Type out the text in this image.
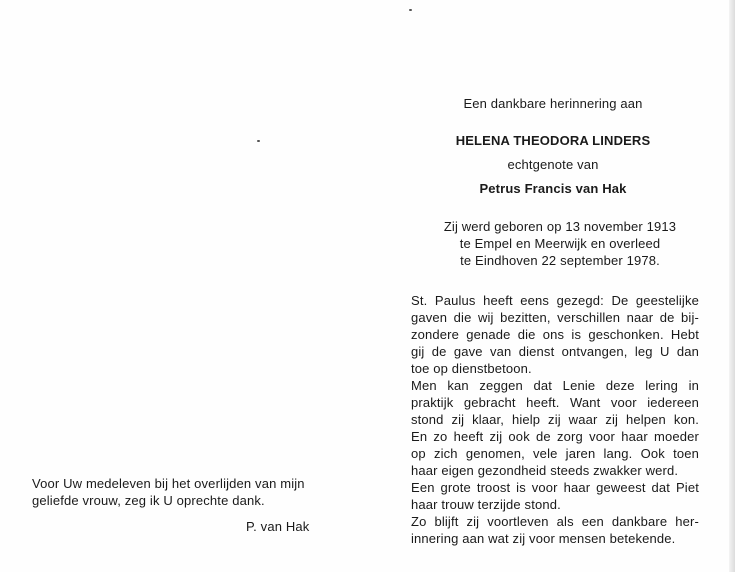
Een dankbare herinnering aan
HELENA THEODORA LINDERS
echtgenote van
Petrus Francis van Hak
Zij werd geboren op 13 november 1913
te Empel en Meerwijk en overleed
te Eindhoven 22 september 1978.
St. Paulus heeft eens gezegd: De geestelijke
gaven die wij bezitten, verschillen naar de bij-
zondere genade die ons is geschonken. Hebt
gij de gave van dienst ontvangen, leg U dan
toe op dienstbetoon.
Men kan zeggen dat Lenie deze lering in
praktijk gebracht heeft. Want voor iedereen
stond zij klaar, hielp zij waar zij helpen kon.
En zo heeft zij ook de zorg voor haar moeder
op zich genomen, vele jaren lang. Ook toen
haar eigen gezondheid steeds zwakker werd.
Een grote troost is voor haar geweest dat Piet
haar trouw terzijde stond.
Zo blijft zij voortleven als een dankbare her-
innering aan wat zij voor mensen betekende.
Voor Uw medeleven bij het overlijden van mijn
geliefde vrouw, zeg ik U oprechte dank.
P. van Hak
